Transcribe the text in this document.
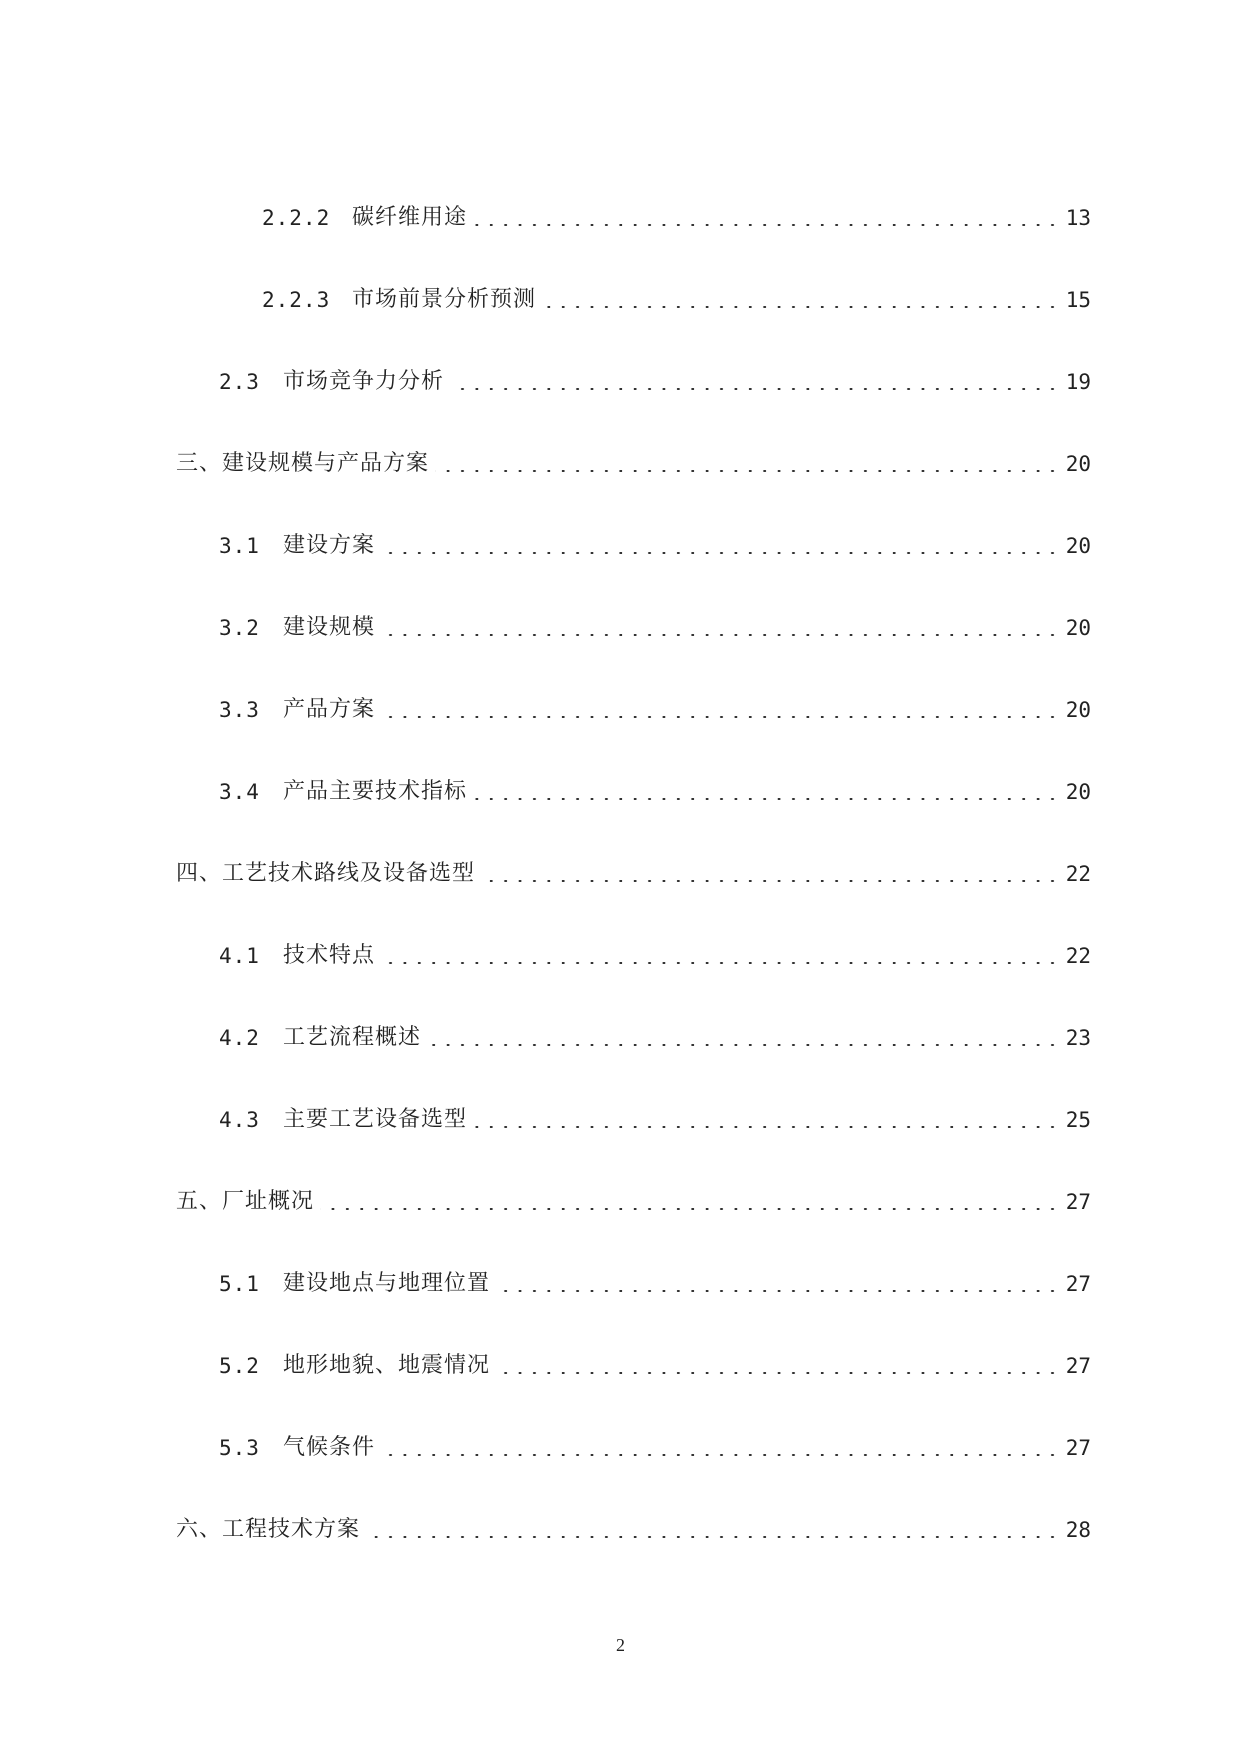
2.2.2 碳纤维用途	13
2.2.3 市场前景分析预测	15
2.3	市场竞争力分析	19
三、建设规模与产品方案	20
3.1	建设方案	20
3.2	建设规模	20
3.3	产品方案	20
3.4	产品主要技术指标	20
四、工艺技术路线及设备选型	22
4.1	技术特点	22
4.2	工艺流程概述	23
4.3	主要工艺设备选型	25
五、厂址概况	27
5.1	建设地点与地理位置	27
5.2	地形地貌、地震情况	27
5.3	气候条件	27
六、工程技术方案	28
2
